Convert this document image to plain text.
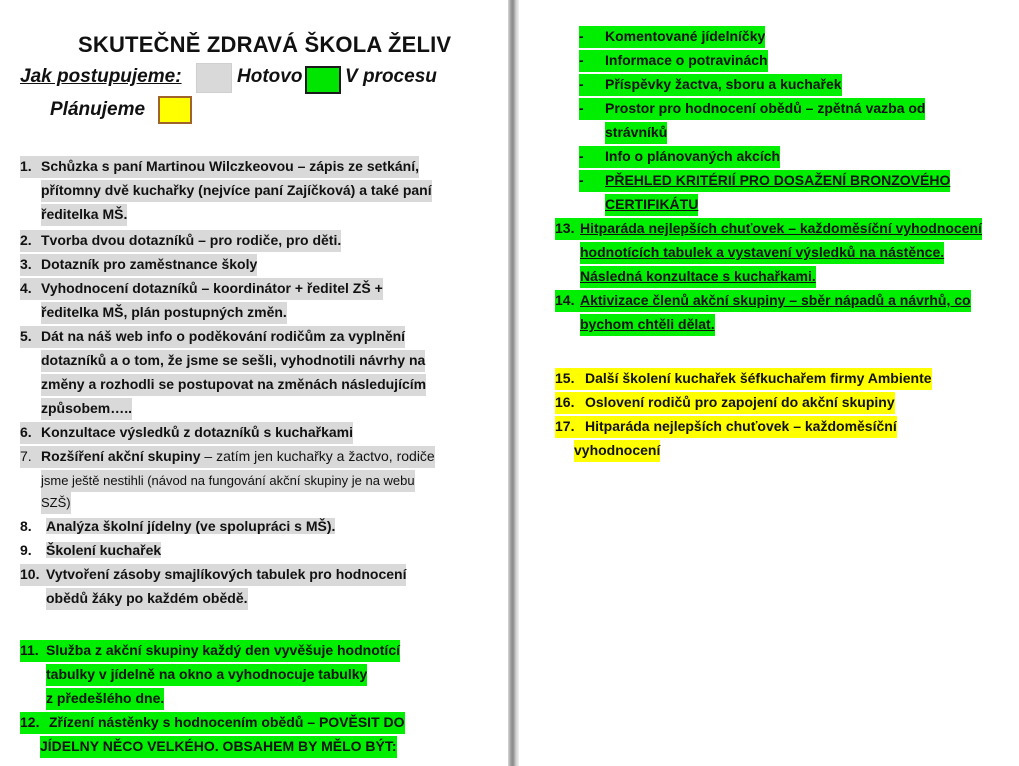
SKUTEČNĚ ZDRAVÁ ŠKOLA ŽELIV
Jak postupujeme:	Hotovo V procesu
Plánujeme
1. Schůzka s paní Martinou Wilczkeovou – zápis ze setkání,
přítomny dvě kuchařky (nejvíce paní Zajíčková) a také paní
ředitelka MŠ.
2. Tvorba dvou dotazníků – pro rodiče, pro děti.
3. Dotazník pro zaměstnance školy
4. Vyhodnocení dotazníků – koordinátor + ředitel ZŠ +
ředitelka MŠ, plán postupných změn.
5. Dát na náš web info o poděkování rodičům za vyplnění
dotazníků a o tom, že jsme se sešli, vyhodnotili návrhy na
změny a rozhodli se postupovat na změnách následujícím
způsobem…..
6. Konzultace výsledků z dotazníků s kuchařkami
7. Rozšíření akční skupiny – zatím jen kuchařky a žactvo, rodiče
jsme ještě nestihli (návod na fungování akční skupiny je na webu
SZŠ)
8. Analýza školní jídelny (ve spolupráci s MŠ).
9. Školení kuchařek
10. Vytvoření zásoby smajlíkových tabulek pro hodnocení
obědů žáky po každém obědě.
11. Služba z akční skupiny každý den vyvěšuje hodnotící
tabulky v jídelně na okno a vyhodnocuje tabulky
z předešlého dne.
12. Zřízení nástěnky s hodnocením obědů – POVĚSIT DO
JÍDELNY NĚCO VELKÉHO. OBSAHEM BY MĚLO BÝT:
- Komentované jídelníčky
- Informace o potravinách
- Příspěvky žactva, sboru a kuchařek
- Prostor pro hodnocení obědů – zpětná vazba od
strávníků
- Info o plánovaných akcích
- PŘEHLED KRITÉRIÍ PRO DOSAŽENÍ BRONZOVÉHO
CERTIFIKÁTU
13. Hitparáda nejlepších chuťovek – každoměsíční vyhodnocení
hodnotících tabulek a vystavení výsledků na nástěnce.
Následná konzultace s kuchařkami.
14. Aktivizace členů akční skupiny – sběr nápadů a návrhů, co
bychom chtěli dělat.
15. Další školení kuchařek šéfkuchařem firmy Ambiente
16. Oslovení rodičů pro zapojení do akční skupiny
17. Hitparáda nejlepších chuťovek – každoměsíční
vyhodnocení
